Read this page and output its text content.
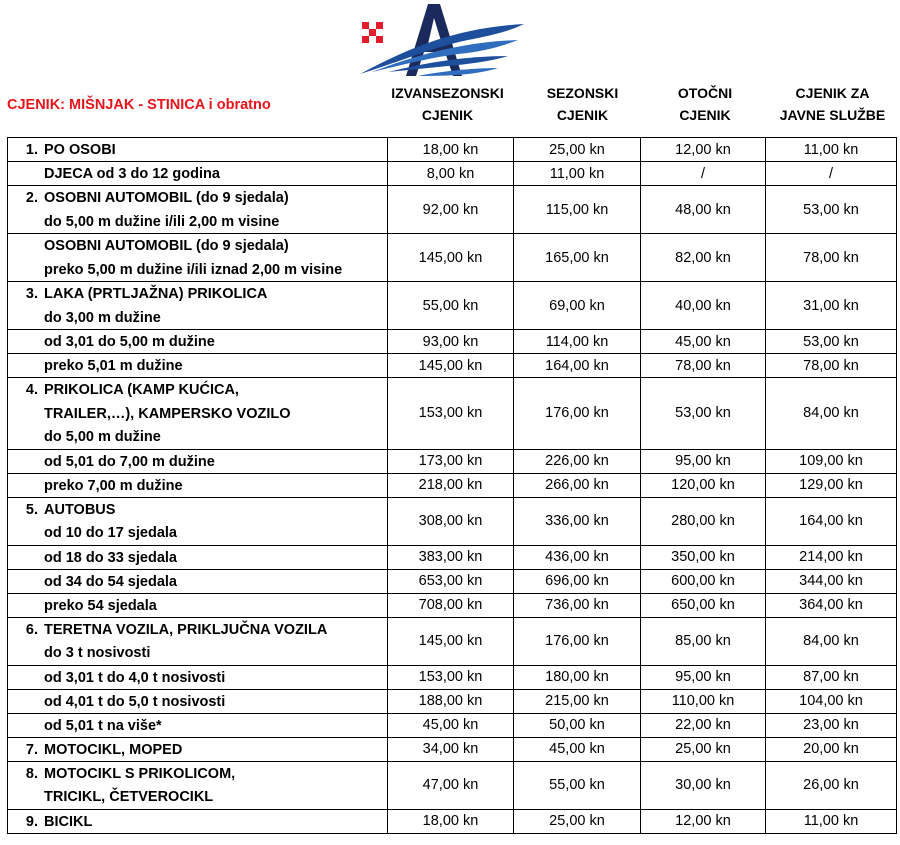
CJENIK: MIŠNJAK - STINICA i obratno
IZVANSEZONSKI
CJENIK
SEZONSKI
CJENIK
OTOČNI
CJENIK
CJENIK ZA
JAVNE SLUŽBE
1. PO OSOBI	18,00 kn	25,00 kn	12,00 kn	11,00 kn

DJECA od 3 do 12 godina	8,00 kn	11,00 kn	/	/

2. OSOBNI AUTOMOBIL (do 9 sjedala)
do 5,00 m dužine i/ili 2,00 m visine	92,00 kn	115,00 kn	48,00 kn	53,00 kn

OSOBNI AUTOMOBIL (do 9 sjedala)
preko 5,00 m dužine i/ili iznad 2,00 m visine	145,00 kn	165,00 kn	82,00 kn	78,00 kn

3. LAKA (PRTLJAŽNA) PRIKOLICA
do 3,00 m dužine	55,00 kn	69,00 kn	40,00 kn	31,00 kn

od 3,01 do 5,00 m dužine	93,00 kn	114,00 kn	45,00 kn	53,00 kn

preko 5,01 m dužine	145,00 kn	164,00 kn	78,00 kn	78,00 kn

4. PRIKOLICA (KAMP KUĆICA,
TRAILER,…), KAMPERSKO VOZILO
do 5,00 m dužine	153,00 kn	176,00 kn	53,00 kn	84,00 kn

od 5,01 do 7,00 m dužine	173,00 kn	226,00 kn	95,00 kn	109,00 kn

preko 7,00 m dužine	218,00 kn	266,00 kn	120,00 kn	129,00 kn

5. AUTOBUS
od 10 do 17 sjedala	308,00 kn	336,00 kn	280,00 kn	164,00 kn

od 18 do 33 sjedala	383,00 kn	436,00 kn	350,00 kn	214,00 kn

od 34 do 54 sjedala	653,00 kn	696,00 kn	600,00 kn	344,00 kn

preko 54 sjedala	708,00 kn	736,00 kn	650,00 kn	364,00 kn

6. TERETNA VOZILA, PRIKLJUČNA VOZILA
do 3 t nosivosti	145,00 kn	176,00 kn	85,00 kn	84,00 kn

od 3,01 t do 4,0 t nosivosti	153,00 kn	180,00 kn	95,00 kn	87,00 kn

od 4,01 t do 5,0 t nosivosti	188,00 kn	215,00 kn	110,00 kn	104,00 kn

od 5,01 t na više*	45,00 kn	50,00 kn	22,00 kn	23,00 kn

7. MOTOCIKL, MOPED	34,00 kn	45,00 kn	25,00 kn	20,00 kn

8. MOTOCIKL S PRIKOLICOM,
TRICIKL, ČETVEROCIKL	47,00 kn	55,00 kn	30,00 kn	26,00 kn

9. BICIKL	18,00 kn	25,00 kn	12,00 kn	11,00 kn
